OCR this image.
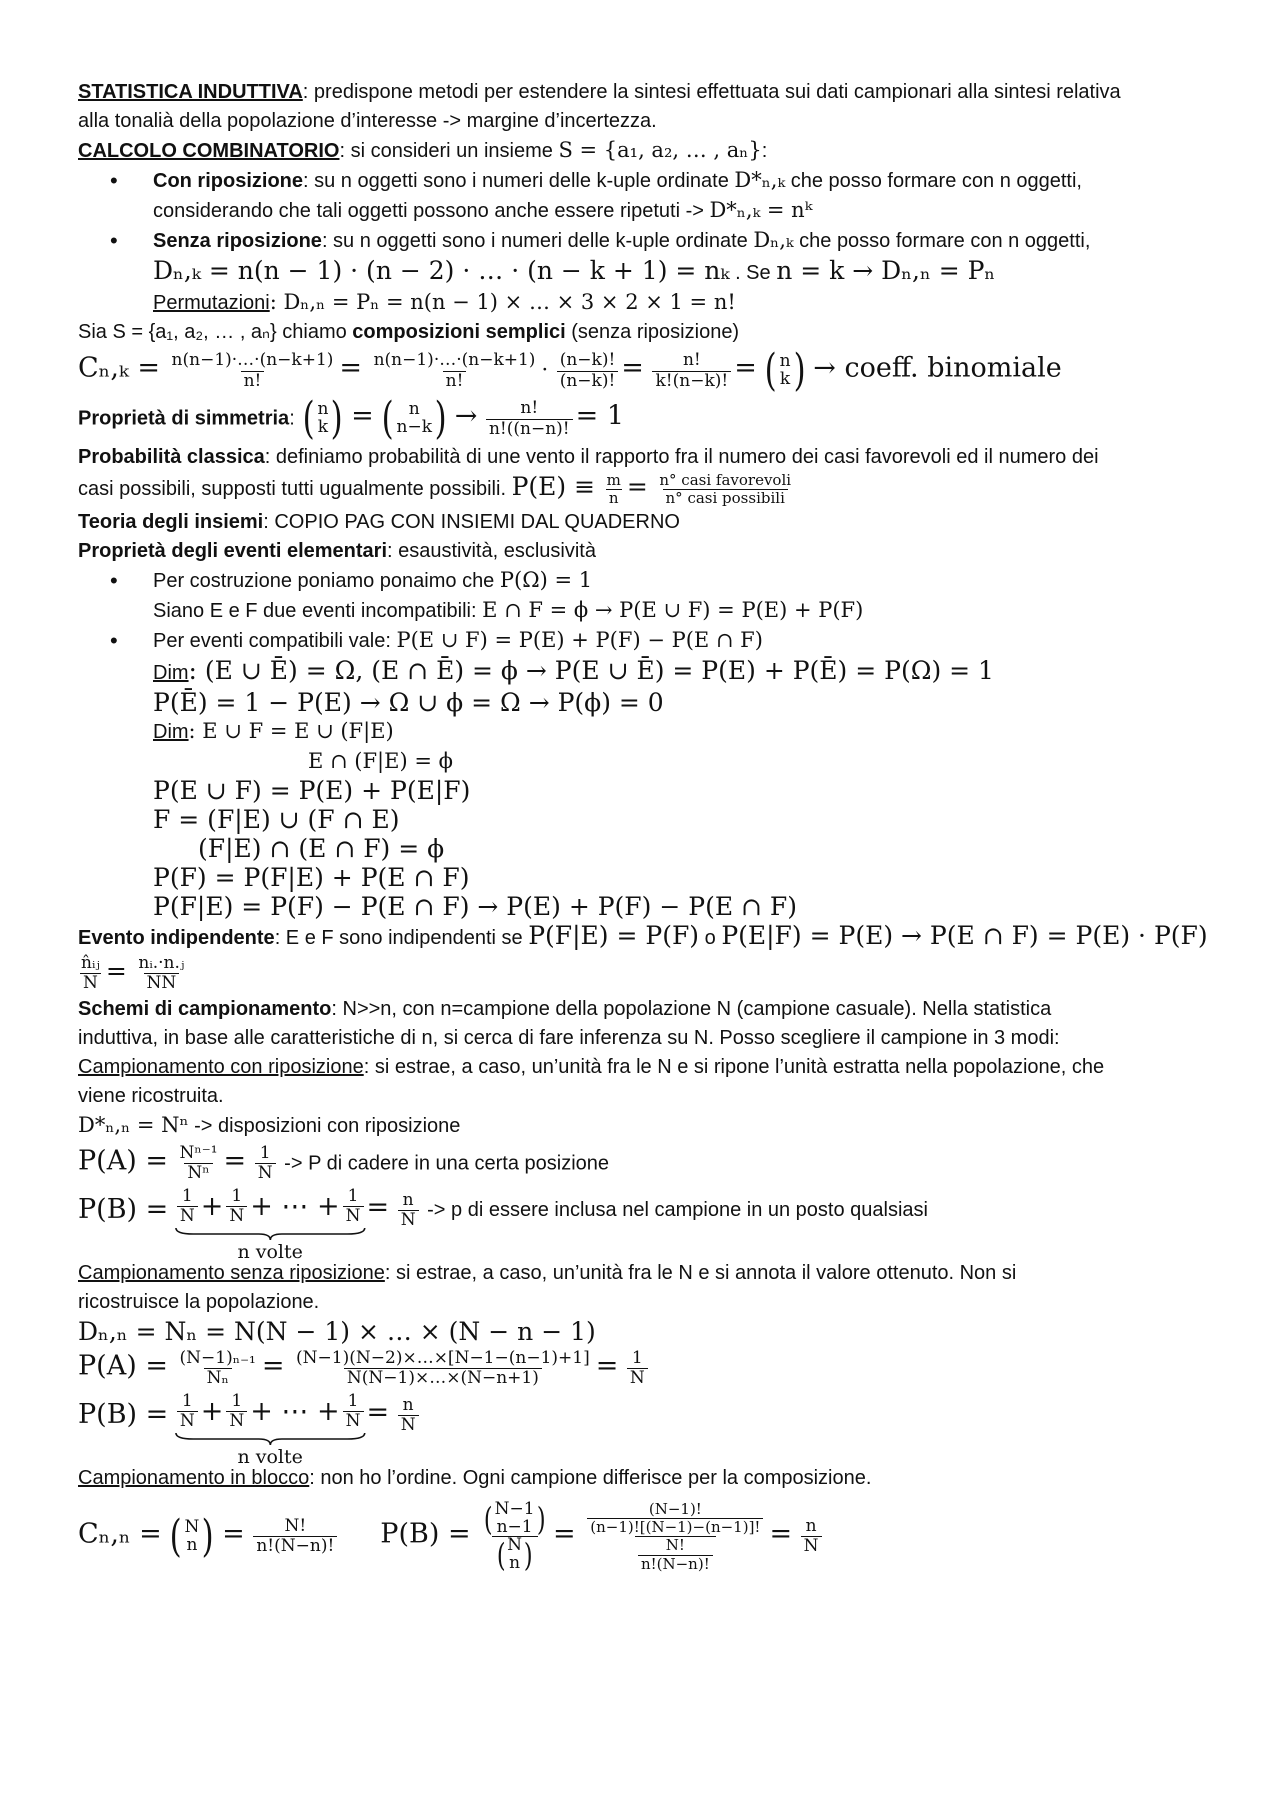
STATISTICA INDUTTIVA: predispone metodi per estendere la sintesi effettuata sui dati campionari alla sintesi relativa

alla tonalià della popolazione d’interesse -> margine d’incertezza.

CALCOLO COMBINATORIO: si consideri un insieme S = {a₁, a₂, … , aₙ}:

• Con riposizione: su n oggetti sono i numeri delle k-uple ordinate D*ₙ,ₖ che posso formare con n oggetti,

considerando che tali oggetti possono anche essere ripetuti -> D*ₙ,ₖ = nᵏ

• Senza riposizione: su n oggetti sono i numeri delle k-uple ordinate Dₙ,ₖ che posso formare con n oggetti,

Dₙ,ₖ = n(n − 1) · (n − 2) · … · (n − k + 1) = nₖ . Se n = k → Dₙ,ₙ = Pₙ

Permutazioni: Dₙ,ₙ = Pₙ = n(n − 1) × … × 3 × 2 × 1 = n!

Sia S = {a₁, a₂, … , aₙ} chiamo composizioni semplici (senza riposizione)

$C_n,_k = \frac{n(n-1)\cdot\dots\cdot(n-k+1)}{n!} = \frac{n(n-1)\cdot\dots\cdot(n-k+1)}{n!} \cdot \frac{(n-k)!}{(n-k)!} = \frac{n!}{k!(n-k)!}$ = ( n
k ) → coeff. binomiale

Proprietà di simmetria: ( n
k ) = ( n
n−k ) → $\frac{n!}{n!((n-n)!} = 1$

Probabilità classica: definiamo probabilità di une vento il rapporto fra il numero dei casi favorevoli ed il numero dei

casi possibili, supposti tutti ugualmente possibili. $P(E) \equiv \frac{m}{n} = \frac{\text{n° casi favorevoli}}{\text{n° casi possibili}}$

Teoria degli insiemi: COPIO PAG CON INSIEMI DAL QUADERNO

Proprietà degli eventi elementari: esaustività, esclusività

• Per costruzione poniamo ponaimo che P(Ω) = 1

Siano E e F due eventi incompatibili: E ∩ F = ϕ → P(E ∪ F) = P(E) + P(F)

• Per eventi compatibili vale: P(E ∪ F) = P(E) + P(F) − P(E ∩ F)

Dim: (E ∪ Ē) = Ω, (E ∩ Ē) = ϕ → P(E ∪ Ē) = P(E) + P(Ē) = P(Ω) = 1

P(Ē) = 1 − P(E) → Ω ∪ ϕ = Ω → P(ϕ) = 0

Dim: E ∪ F = E ∪ (F|E)

E ∩ (F|E) = ϕ

P(E ∪ F) = P(E) + P(E|F)

F = (F|E) ∪ (F ∩ E)

(F|E) ∩ (E ∩ F) = ϕ

P(F) = P(F|E) + P(E ∩ F)

P(F|E) = P(F) − P(E ∩ F) → P(E) + P(F) − P(E ∩ F)

Evento indipendente: E e F sono indipendenti se P(F|E) = P(F) o P(E|F) = P(E) → P(E ∩ F) = P(E) · P(F)

$\frac{\text{n̂ᵢⱼ}}{N} = \frac{\text{nᵢ.·n.ⱼ}}{NN}$

Schemi di campionamento: N>>n, con n=campione della popolazione N (campione casuale). Nella statistica

induttiva, in base alle caratteristiche di n, si cerca di fare inferenza su N. Posso scegliere il campione in 3 modi:

Campionamento con riposizione: si estrae, a caso, un’unità fra le N e si ripone l’unità estratta nella popolazione, che

viene ricostruita.

D*ₙ,ₙ = Nⁿ -> disposizioni con riposizione

$P(A) = \frac{\text{Nⁿ⁻¹}}{\text{Nⁿ}} = \frac{1}{N} -> P$ di cadere in una certa posizione

$P(B) = \frac{1}{N} + \frac{1}{N}$ + ⋯ + $\frac{1}{N}$
n volte
= $\frac{n}{N} -> p$ di essere inclusa nel campione in un posto qualsiasi

Campionamento senza riposizione: si estrae, a caso, un’unità fra le N e si annota il valore ottenuto. Non si

ricostruisce la popolazione.

Dₙ,ₙ = Nₙ = N(N − 1) × … × (N − n − 1)

$P(A) = \frac{\text{(N−1)ₙ₋₁}}{\text{Nₙ}} = \frac{(N-1)(N-2)\times\dots\times[N-1-(n-1)+1]}{N(N-1)\times\dots\times(N-n+1)} = \frac{1}{N}$

$P(B) = \frac{1}{N} + \frac{1}{N}$ + ⋯ + $\frac{1}{N}$
n volte
= $\frac{n}{N}$

Campionamento in blocco: non ho l’ordine. Ogni campione differisce per la composizione.

Cₙ,ₙ = ( N
n ) = $\frac{N!}{n!(N-n)!} P(B)$ = ( N−1
n−1 )
( N
n ) = $\frac{\frac{(N-1)!}{(n-1)![(N-1)-(n-1)]!}}{\frac{N!}{n!(N-n)!}} = \frac{n}{N}$
